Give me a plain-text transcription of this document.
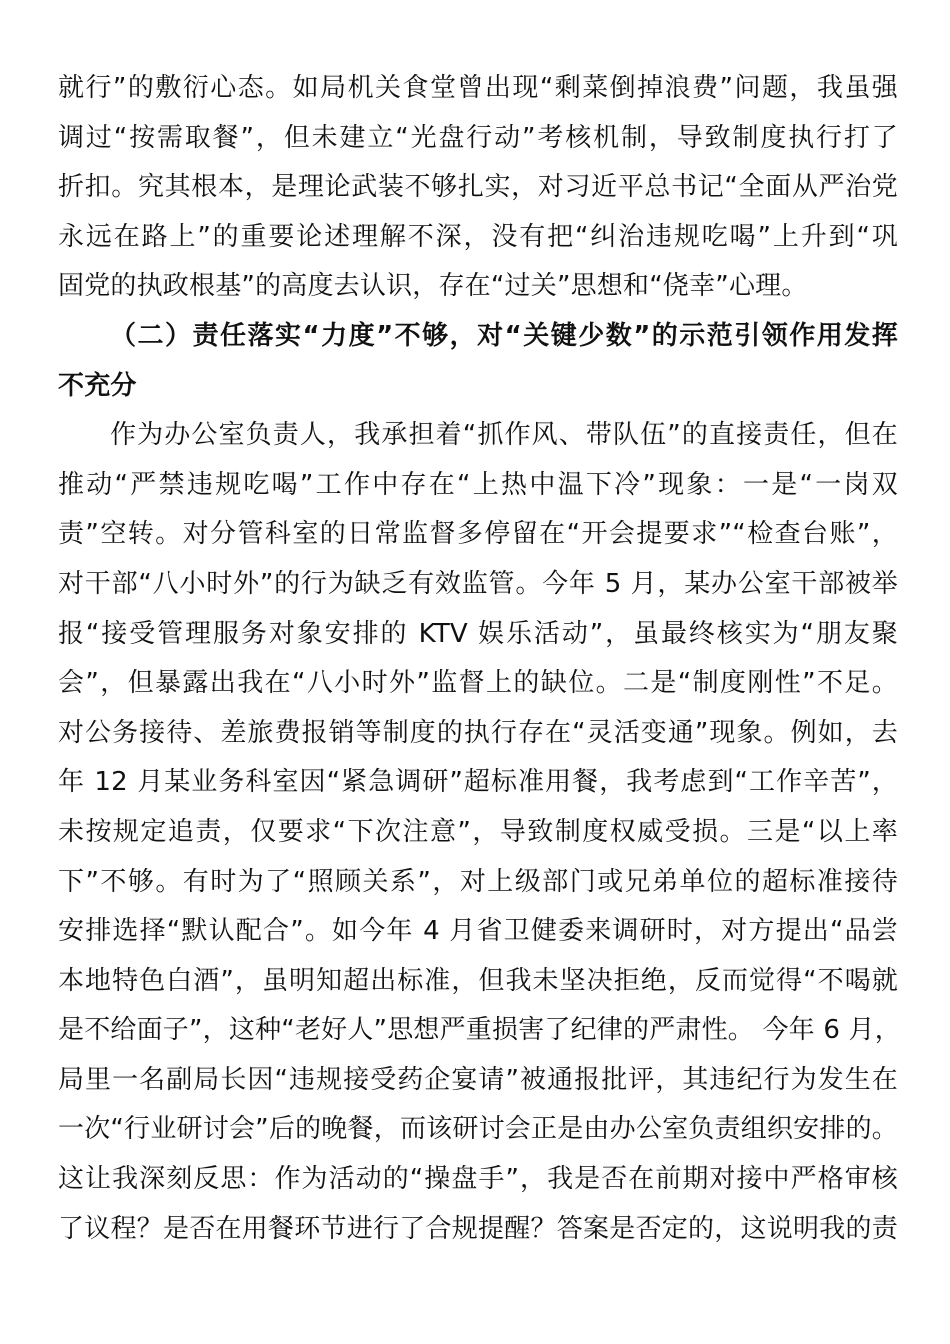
就行”的敷衍心态。如局机关食堂曾出现“剩菜倒掉浪费”问题，我虽强
调过“按需取餐”，但未建立“光盘行动”考核机制，导致制度执行打了
折扣。究其根本，是理论武装不够扎实，对习近平总书记“全面从严治党
永远在路上”的重要论述理解不深，没有把“纠治违规吃喝”上升到“巩
固党的执政根基”的高度去认识，存在“过关”思想和“侥幸”心理。
（二）责任落实“力度”不够，对“关键少数”的示范引领作用发挥
不充分
作为办公室负责人，我承担着“抓作风、带队伍”的直接责任，但在
推动“严禁违规吃喝”工作中存在“上热中温下冷”现象：一是“一岗双
责”空转。对分管科室的日常监督多停留在“开会提要求”“检查台账”，
对干部“八小时外”的行为缺乏有效监管。今年 5 月，某办公室干部被举
报“接受管理服务对象安排的 KTV 娱乐活动”，虽最终核实为“朋友聚
会”，但暴露出我在“八小时外”监督上的缺位。二是“制度刚性”不足。
对公务接待、差旅费报销等制度的执行存在“灵活变通”现象。例如，去
年 12 月某业务科室因“紧急调研”超标准用餐，我考虑到“工作辛苦”，
未按规定追责，仅要求“下次注意”，导致制度权威受损。三是“以上率
下”不够。有时为了“照顾关系”，对上级部门或兄弟单位的超标准接待
安排选择“默认配合”。如今年 4 月省卫健委来调研时，对方提出“品尝
本地特色白酒”，虽明知超出标准，但我未坚决拒绝，反而觉得“不喝就
是不给面子”，这种“老好人”思想严重损害了纪律的严肃性。 今年 6 月，
局里一名副局长因“违规接受药企宴请”被通报批评，其违纪行为发生在
一次“行业研讨会”后的晚餐，而该研讨会正是由办公室负责组织安排的。
这让我深刻反思：作为活动的“操盘手”，我是否在前期对接中严格审核
了议程？是否在用餐环节进行了合规提醒？答案是否定的，这说明我的责
